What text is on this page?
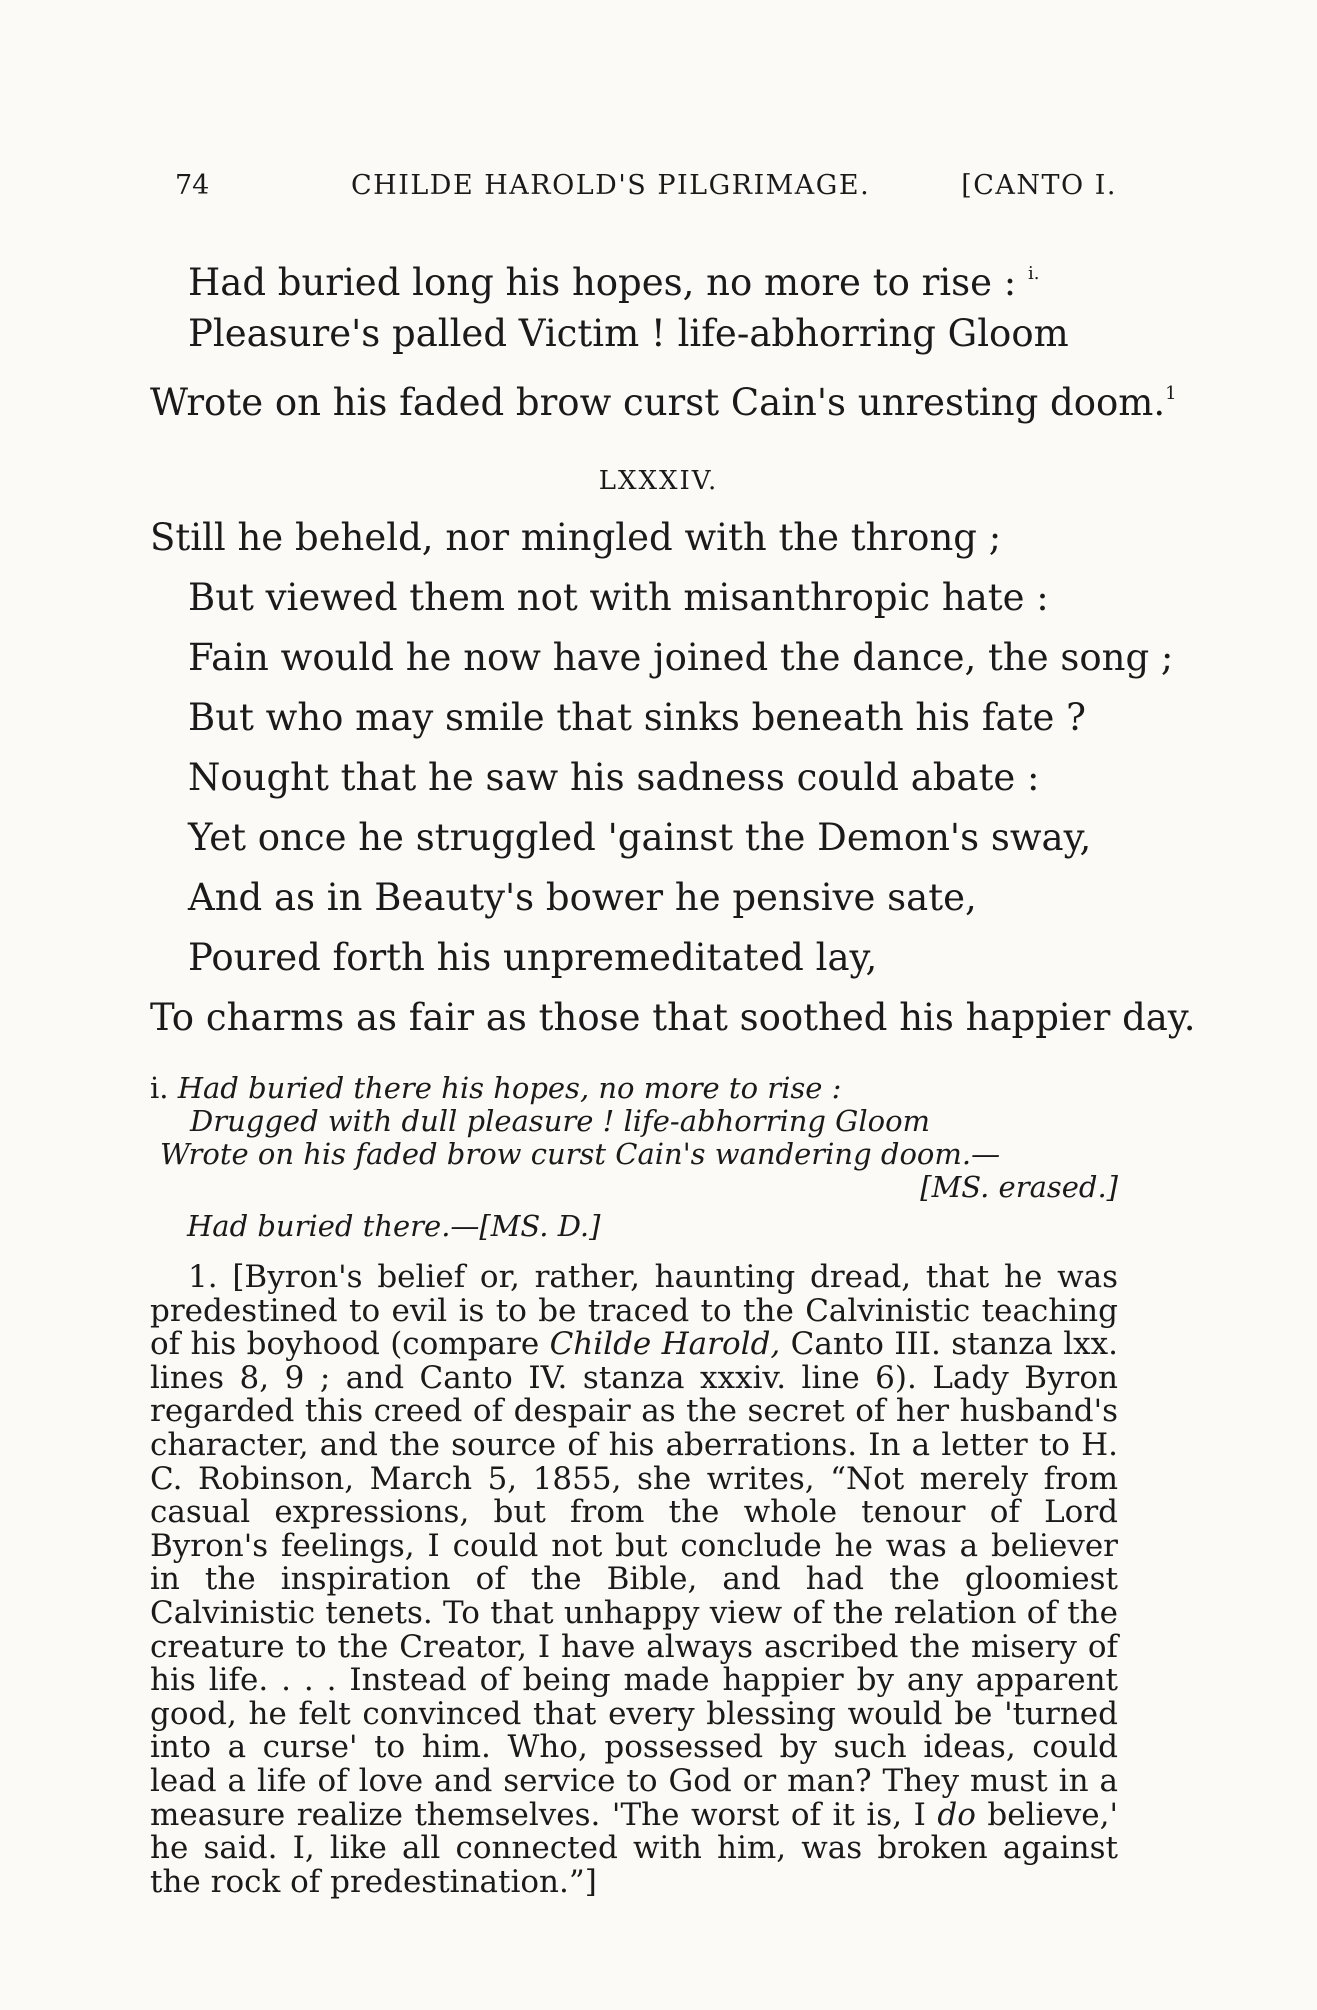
74	CHILDE HAROLD'S PILGRIMAGE.	[CANTO I.
Had buried long his hopes, no more to rise : $^{i.}$
Pleasure's palled Victim ! life-abhorring Gloom
Wrote on his faded brow curst Cain's unresting doom.$^1$
LXXXIV.
Still he beheld, nor mingled with the throng ;
But viewed them not with misanthropic hate :
Fain would he now have joined the dance, the song ;
But who may smile that sinks beneath his fate ?
Nought that he saw his sadness could abate :
Yet once he struggled 'gainst the Demon's sway,
And as in Beauty's bower he pensive sate,
Poured forth his unpremeditated lay,
To charms as fair as those that soothed his happier day.
i. Had buried there his hopes, no more to rise :
Drugged with dull pleasure ! life-abhorring Gloom
Wrote on his faded brow curst Cain's wandering doom.—
[MS. erased.]
Had buried there.—[MS. D.]

1. [Byron's belief or, rather, haunting dread, that he was predestined to evil is to be traced to the Calvinistic teaching of his boyhood (compare Childe Harold, Canto III. stanza lxx. lines 8, 9 ; and Canto IV. stanza xxxiv. line 6). Lady Byron regarded this creed of despair as the secret of her husband's character, and the source of his aberrations. In a letter to H. C. Robinson, March 5, 1855, she writes, “Not merely from casual expressions, but from the whole tenour of Lord Byron's feelings, I could not but conclude he was a believer in the inspiration of the Bible, and had the gloomiest Calvinistic tenets. To that unhappy view of the relation of the creature to the Creator, I have always ascribed the misery of his life. . . . Instead of being made happier by any apparent good, he felt convinced that every blessing would be 'turned into a curse' to him. Who, possessed by such ideas, could lead a life of love and service to God or man? They must in a measure realize themselves. 'The worst of it is, I do believe,' he said. I, like all connected with him, was broken against the rock of predestination.”]
